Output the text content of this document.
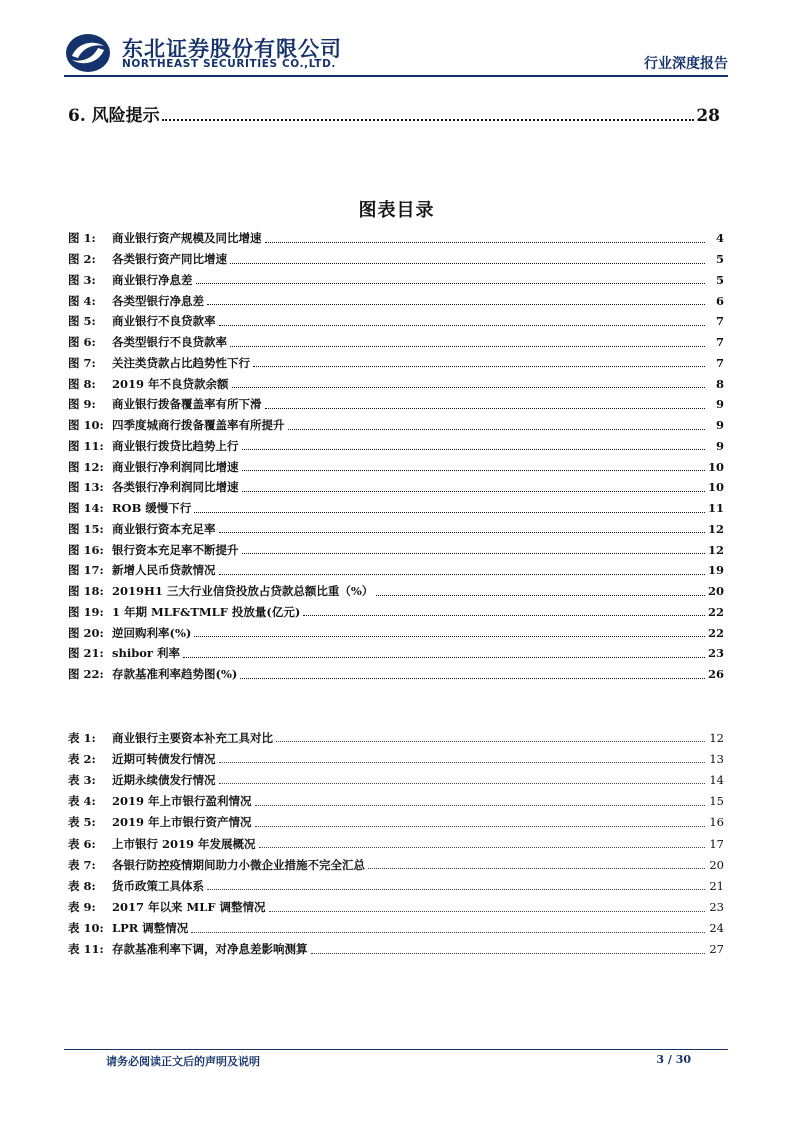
东北证券股份有限公司
NORTHEAST SECURITIES CO.,LTD.	行业深度报告
6. 风险提示	28
图表目录
图 1:	商业银行资产规模及同比增速	4
图 2:	各类银行资产同比增速	5
图 3:	商业银行净息差	5
图 4:	各类型银行净息差	6
图 5:	商业银行不良贷款率	7
图 6:	各类型银行不良贷款率	7
图 7:	关注类贷款占比趋势性下行	7
图 8:	2019 年不良贷款余额	8
图 9:	商业银行拨备覆盖率有所下滑	9
图 10: 四季度城商行拨备覆盖率有所提升	9
图 11: 商业银行拨贷比趋势上行	9
图 12: 商业银行净利润同比增速	10
图 13: 各类银行净利润同比增速	10
图 14: ROB 缓慢下行	11
图 15: 商业银行资本充足率	12
图 16: 银行资本充足率不断提升	12
图 17: 新增人民币贷款情况	19
图 18: 2019H1 三大行业信贷投放占贷款总额比重（%）	20
图 19: 1 年期 MLF&TMLF 投放量(亿元)	22
图 20: 逆回购利率(%)	22
图 21: shibor 利率	23
图 22: 存款基准利率趋势图(%)	26
表 1:	商业银行主要资本补充工具对比	12
表 2:	近期可转债发行情况	13
表 3:	近期永续债发行情况	14
表 4:	2019 年上市银行盈利情况	15
表 5:	2019 年上市银行资产情况	16
表 6:	上市银行 2019 年发展概况	17
表 7:	各银行防控疫情期间助力小微企业措施不完全汇总	20
表 8:	货币政策工具体系	21
表 9:	2017 年以来 MLF 调整情况	23
表 10: LPR 调整情况	24
表 11: 存款基准利率下调，对净息差影响测算	27
请务必阅读正文后的声明及说明	3 / 30
